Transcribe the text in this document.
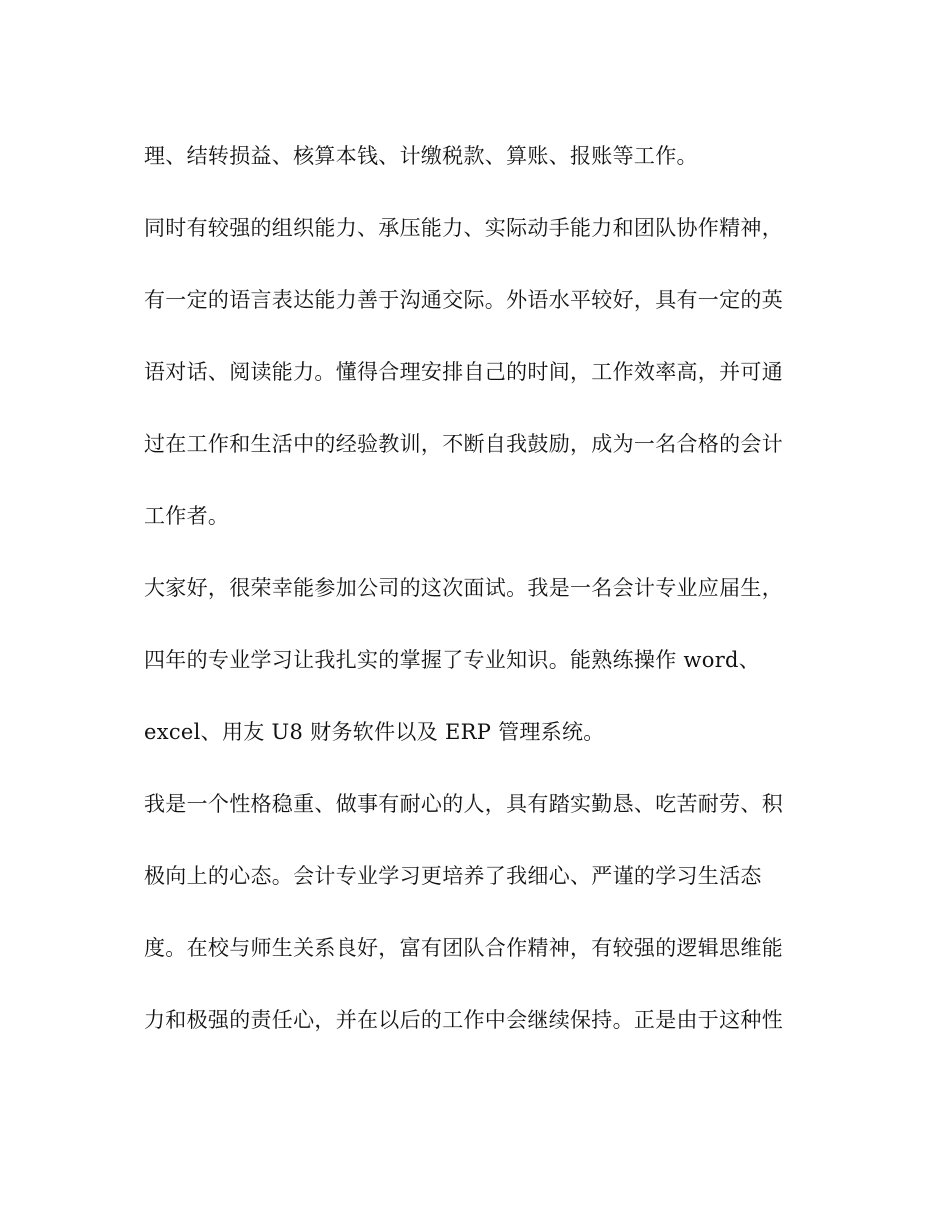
理、结转损益、核算本钱、计缴税款、算账、报账等工作。
同时有较强的组织能力、承压能力、实际动手能力和团队协作精神，
有一定的语言表达能力善于沟通交际。外语水平较好，具有一定的英
语对话、阅读能力。懂得合理安排自己的时间，工作效率高，并可通
过在工作和生活中的经验教训，不断自我鼓励，成为一名合格的会计
工作者。
大家好，很荣幸能参加公司的这次面试。我是一名会计专业应届生，
四年的专业学习让我扎实的掌握了专业知识。能熟练操作 word、
excel、用友 U8 财务软件以及 ERP 管理系统。
我是一个性格稳重、做事有耐心的人，具有踏实勤恳、吃苦耐劳、积
极向上的心态。会计专业学习更培养了我细心、严谨的学习生活态
度。在校与师生关系良好，富有团队合作精神，有较强的逻辑思维能
力和极强的责任心，并在以后的工作中会继续保持。正是由于这种性
